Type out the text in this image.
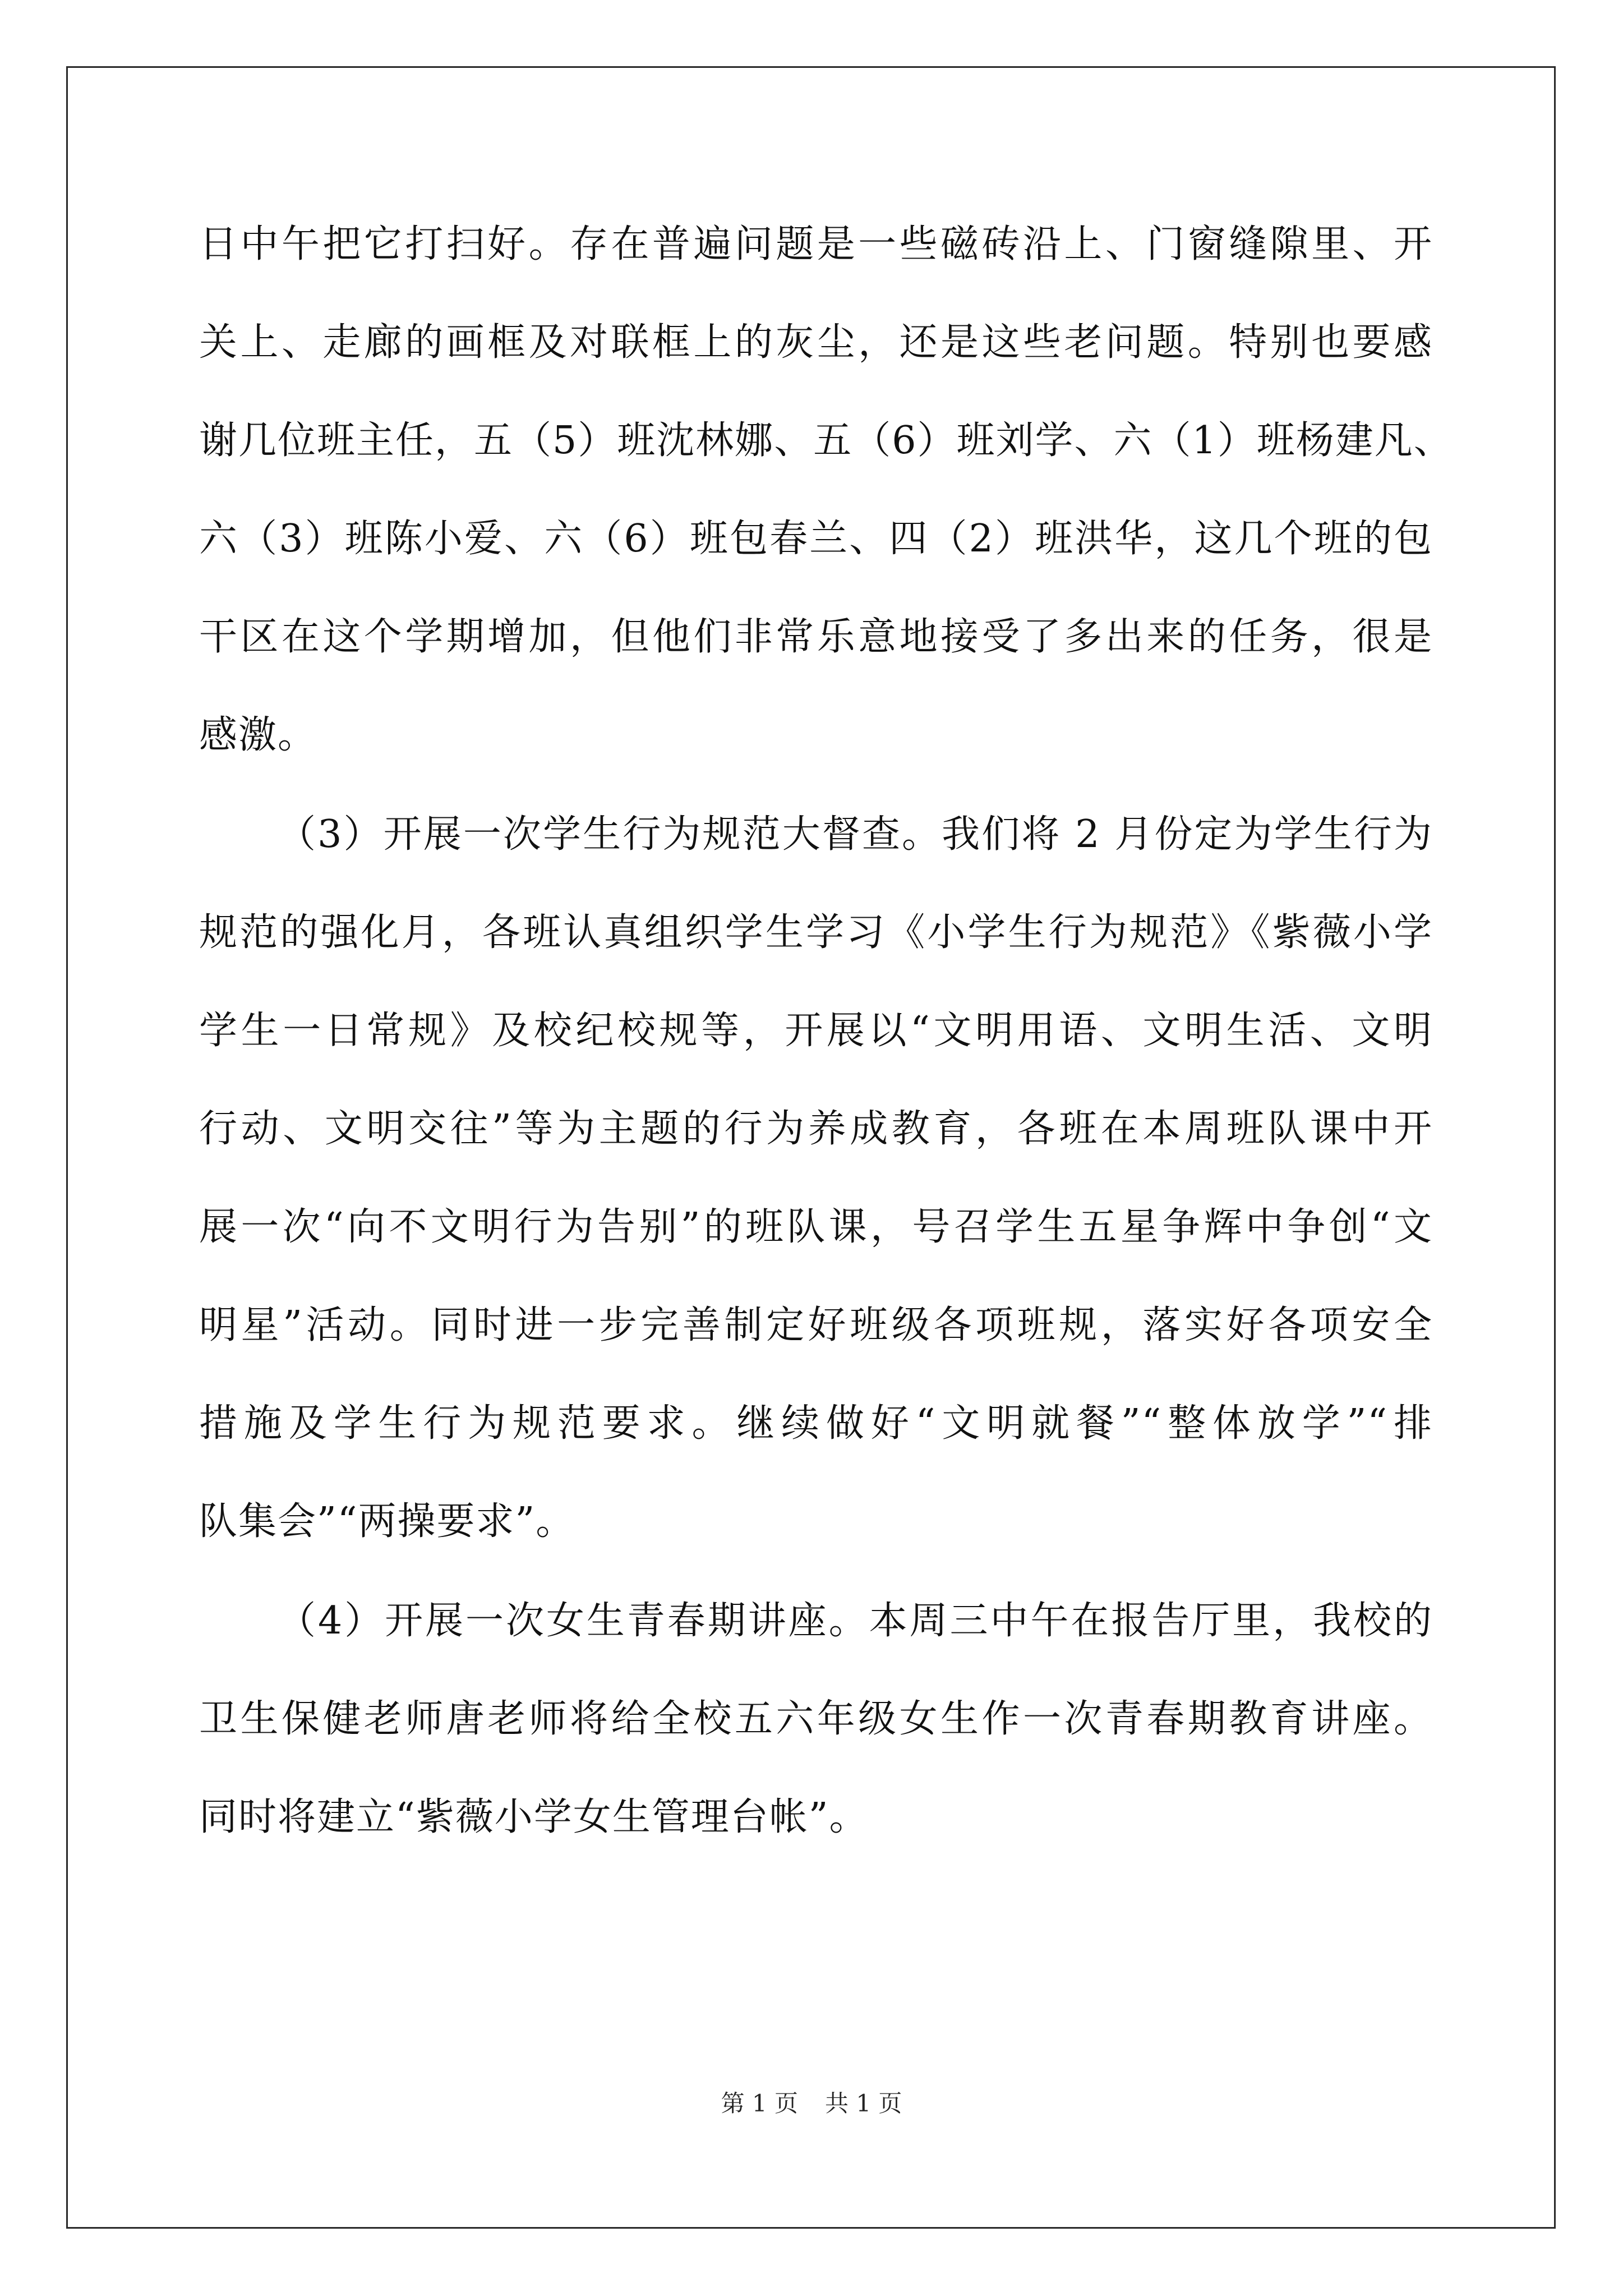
日中午把它打扫好。存在普遍问题是一些磁砖沿上、门窗缝隙里、开
关上、走廊的画框及对联框上的灰尘，还是这些老问题。特别也要感
谢几位班主任，五（5）班沈林娜、五（6）班刘学、六（1）班杨建凡、
六（3）班陈小爱、六（6）班包春兰、四（2）班洪华，这几个班的包
干区在这个学期增加，但他们非常乐意地接受了多出来的任务，很是
感激。
（3）开展一次学生行为规范大督查。我们将 2 月份定为学生行为
规范的强化月，各班认真组织学生学习《小学生行为规范》《紫薇小学
学生一日常规》及校纪校规等，开展以“文明用语、文明生活、文明
行动、文明交往”等为主题的行为养成教育，各班在本周班队课中开
展一次“向不文明行为告别”的班队课，号召学生五星争辉中争创“文
明星”活动。同时进一步完善制定好班级各项班规，落实好各项安全
措施及学生行为规范要求。继续做好“文明就餐”“整体放学”“排
队集会”“两操要求”。
（4）开展一次女生青春期讲座。本周三中午在报告厅里，我校的
卫生保健老师唐老师将给全校五六年级女生作一次青春期教育讲座。
同时将建立“紫薇小学女生管理台帐”。
第 1 页 共 1 页
